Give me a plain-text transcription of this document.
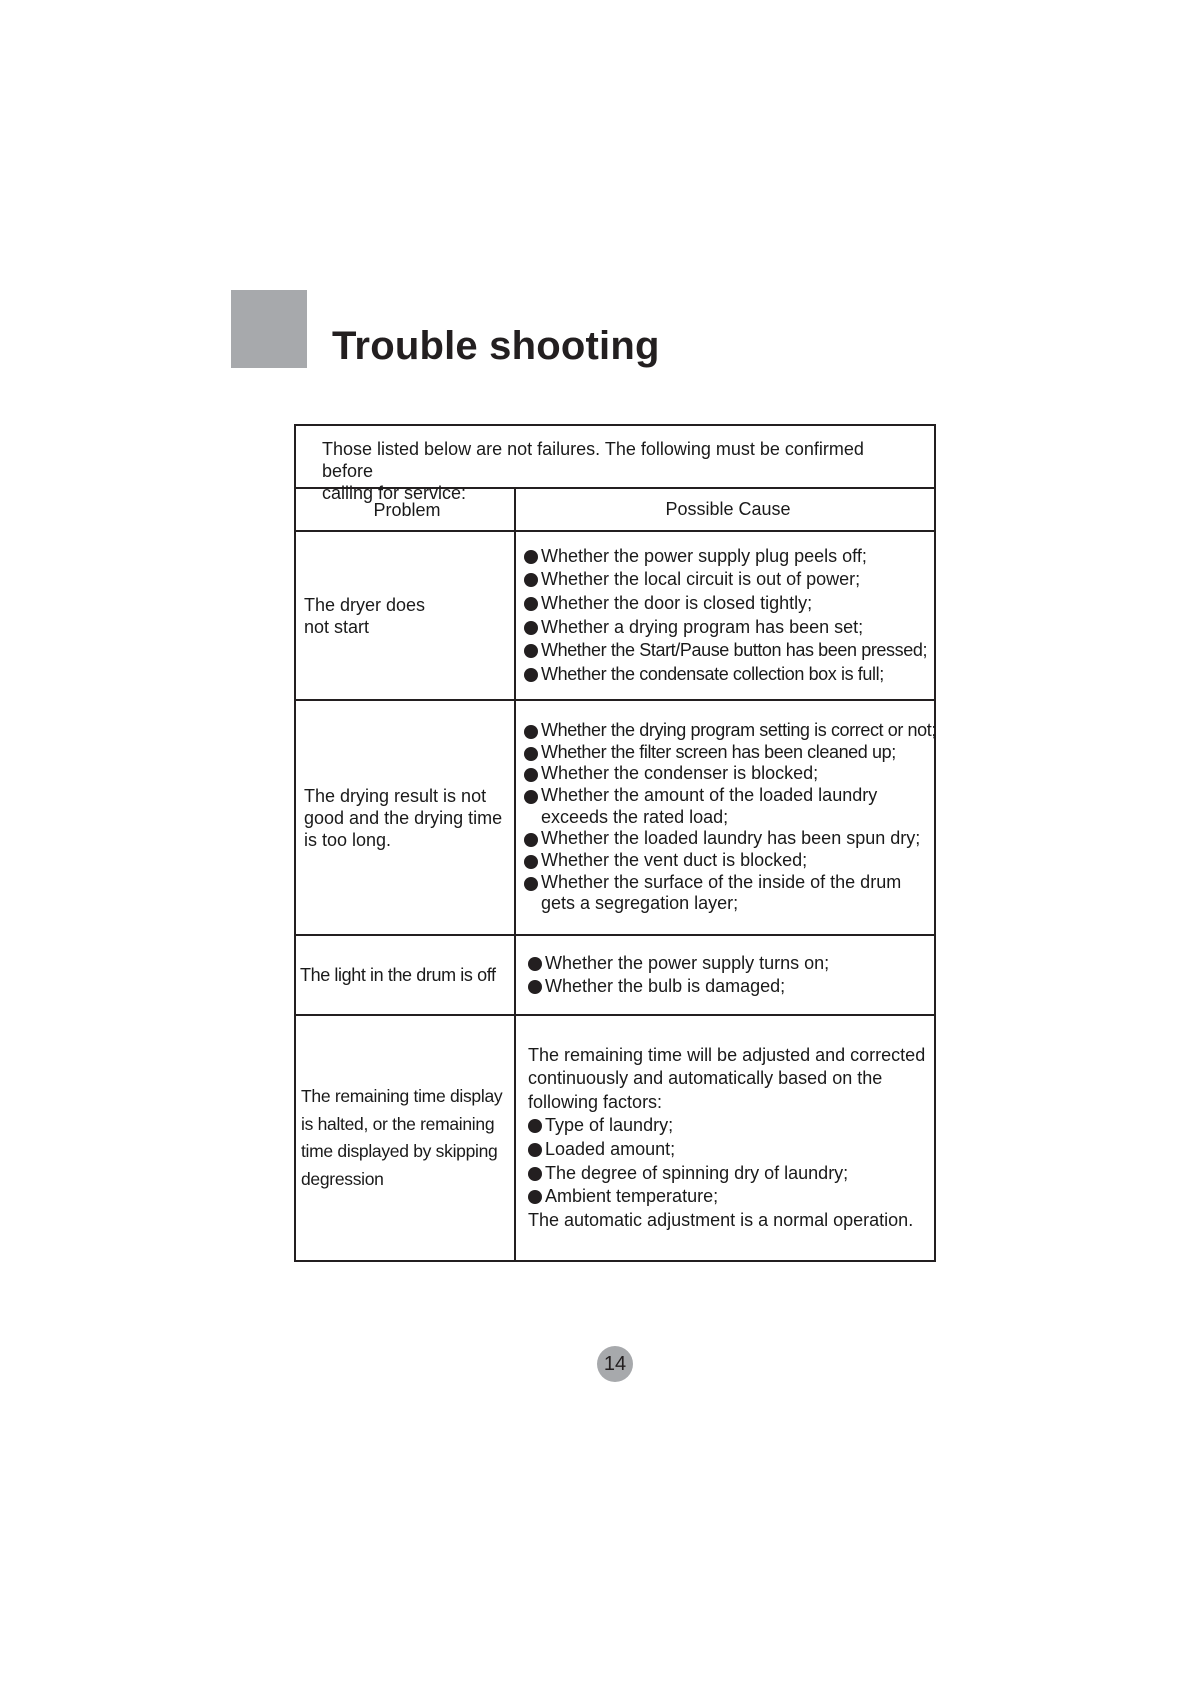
Trouble shooting
Those listed below are not failures. The following must be confirmed before
calling for service:
Problem	Possible Cause
The dryer does not start
Whether the power supply plug peels off;
Whether the local circuit is out of power;
Whether the door is closed tightly;
Whether a drying program has been set;
Whether the Start/Pause button has been pressed;
Whether the condensate collection box is full;
The drying result is not good and the drying time is too long.
Whether the drying program setting is correct or not;
Whether the filter screen has been cleaned up;
Whether the condenser is blocked;
Whether the amount of the loaded laundry exceeds the rated load;
Whether the loaded laundry has been spun dry;
Whether the vent duct is blocked;
Whether the surface of the inside of the drum gets a segregation layer;
The light in the drum is off
Whether the power supply turns on;
Whether the bulb is damaged;
The remaining time display is halted, or the remaining time displayed by skipping degression
The remaining time will be adjusted and corrected continuously and automatically based on the following factors:
Type of laundry;
Loaded amount;
The degree of spinning dry of laundry;
Ambient temperature;
The automatic adjustment is a normal operation.
14
